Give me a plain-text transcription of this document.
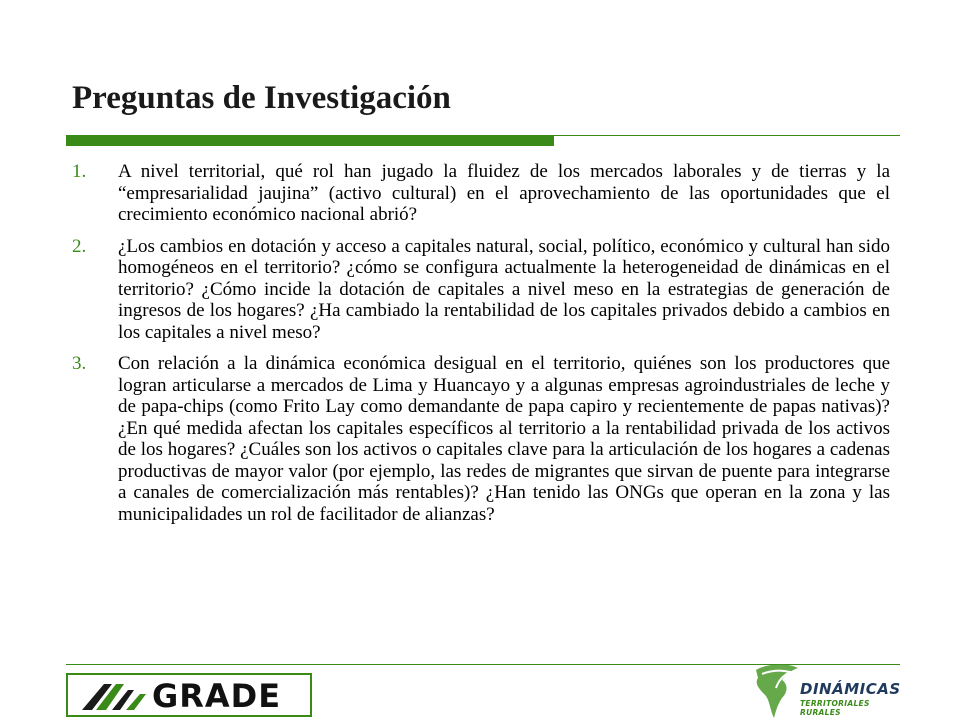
Preguntas de Investigación
1.	A nivel territorial, qué rol han jugado la fluidez de los mercados laborales y de tierras y la “empresarialidad jaujina” (activo cultural) en el aprovechamiento de las oportunidades que el crecimiento económico nacional abrió?
2.	¿Los cambios en dotación y acceso a capitales natural, social, político, económico y cultural han sido homogéneos en el territorio? ¿cómo se configura actualmente la heterogeneidad de dinámicas en el territorio? ¿Cómo incide la dotación de capitales a nivel meso en la estrategias de generación de ingresos de los hogares? ¿Ha cambiado la rentabilidad de los capitales privados debido a cambios en los capitales a nivel meso?
3.	Con relación a la dinámica económica desigual en el territorio, quiénes son los productores que logran articularse a mercados de Lima y Huancayo y a algunas empresas agroindustriales de leche y de papa-chips (como Frito Lay como demandante de papa capiro y recientemente de papas nativas)? ¿En qué medida afectan los capitales específicos al territorio a la rentabilidad privada de los activos de los hogares? ¿Cuáles son los activos o capitales clave para la articulación de los hogares a cadenas productivas de mayor valor (por ejemplo, las redes de migrantes que sirvan de puente para integrarse a canales de comercialización más rentables)? ¿Han tenido las ONGs que operan en la zona y las municipalidades un rol de facilitador de alianzas?
GRADE	DINÁMICAS
TERRITORIALES RURALES
